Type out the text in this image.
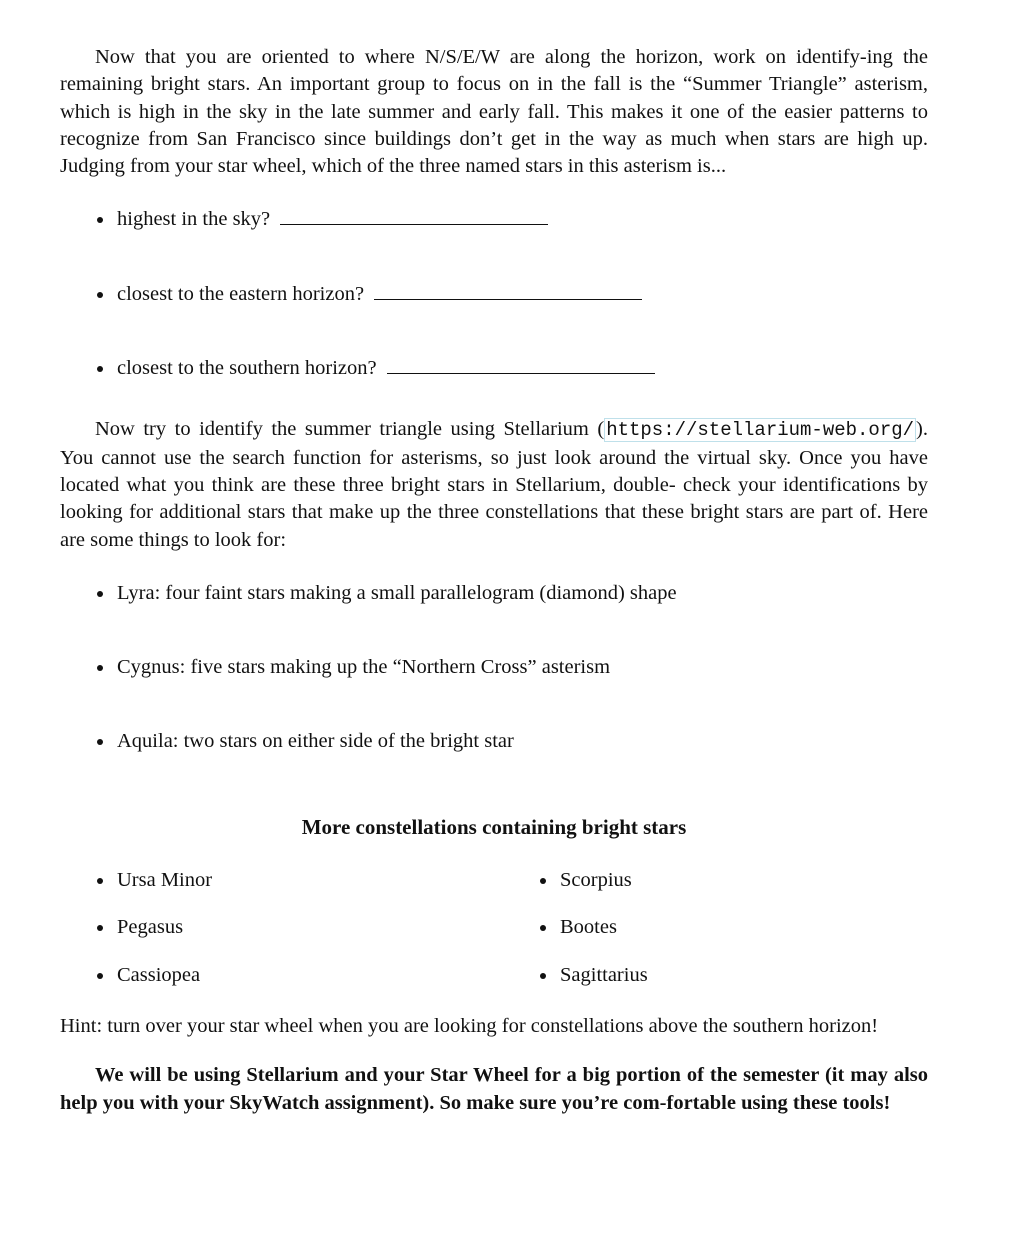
Now that you are oriented to where N/S/E/W are along the horizon, work on identify-ing the remaining bright stars. An important group to focus on in the fall is the “Summer Triangle” asterism, which is high in the sky in the late summer and early fall. This makes it one of the easier patterns to recognize from San Francisco since buildings don’t get in the way as much when stars are high up. Judging from your star wheel, which of the three named stars in this asterism is...

highest in the sky?
closest to the eastern horizon?
closest to the southern horizon?

Now try to identify the summer triangle using Stellarium ( https://stellarium-web.org/). You cannot use the search function for asterisms, so just look around the virtual sky. Once you have located what you think are these three bright stars in Stellarium, double- check your identifications by looking for additional stars that make up the three constellations that these bright stars are part of. Here are some things to look for:

Lyra: four faint stars making a small parallelogram (diamond) shape
Cygnus: five stars making up the “Northern Cross” asterism
Aquila: two stars on either side of the bright star
More constellations containing bright stars
Ursa Minor
Pegasus
Cassiopea
Scorpius
Bootes
Sagittarius

Hint: turn over your star wheel when you are looking for constellations above the southern horizon!

We will be using Stellarium and your Star Wheel for a big portion of the semester (it may also help you with your SkyWatch assignment). So make sure you’re com-fortable using these tools!
